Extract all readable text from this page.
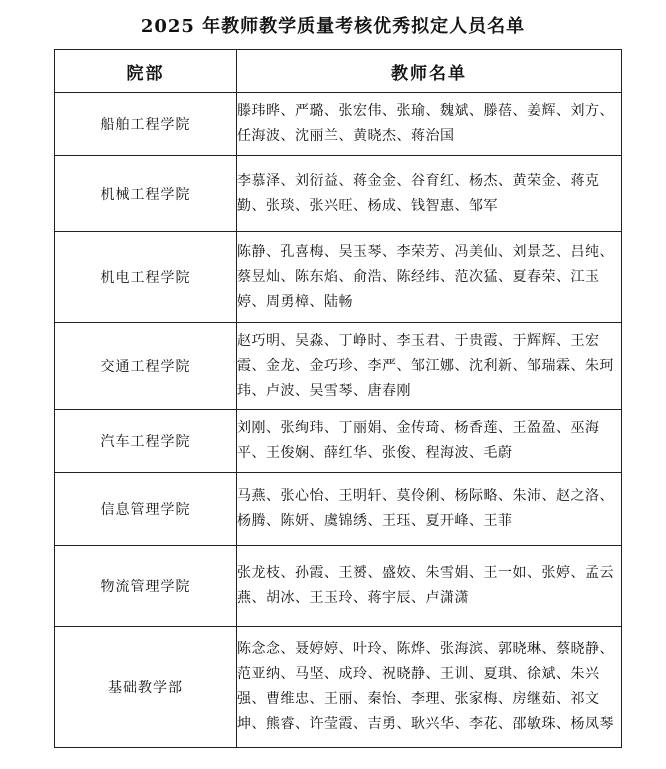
2025 年教师教学质量考核优秀拟定人员名单
院部	教师名单
船舶工程学院	滕玮晔、严璐、张宏伟、张瑜、魏斌、滕蓓、姜辉、刘方、任海波、沈丽兰、黄晓杰、蒋治国
机械工程学院	李慕泽、刘衍益、蒋金金、谷育红、杨杰、黄荣金、蒋克勤、张琰、张兴旺、杨成、钱智惠、邹军
机电工程学院	陈静、孔喜梅、吴玉琴、李荣芳、冯美仙、刘景芝、吕纯、蔡昱灿、陈东焰、俞浩、陈经纬、范次猛、夏春荣、江玉婷、周勇樟、陆畅
交通工程学院	赵巧明、吴淼、丁峥时、李玉君、于贵霞、于辉辉、王宏霞、金龙、金巧珍、李严、邹江娜、沈利新、邹瑞霖、朱珂玮、卢波、吴雪琴、唐春刚
汽车工程学院	刘刚、张绚玮、丁丽娟、金传琦、杨香莲、王盈盈、巫海平、王俊娴、薛红华、张俊、程海波、毛蔚
信息管理学院	马燕、张心怡、王明轩、莫伶俐、杨际略、朱沛、赵之洛、杨腾、陈妍、虞锦绣、王珏、夏开峰、王菲
物流管理学院	张龙枝、孙霞、王赟、盛姣、朱雪娟、王一如、张婷、孟云燕、胡冰、王玉玲、蒋宇辰、卢潇潇
基础教学部	陈念念、聂婷婷、叶玲、陈烨、张海滨、郭晓琳、蔡晓静、范亚纳、马坚、成玲、祝晓静、王训、夏琪、徐斌、朱兴强、曹维忠、王丽、秦怡、李理、张家梅、房继茹、祁文坤、熊睿、许莹霞、吉勇、耿兴华、李花、邵敏珠、杨凤琴
